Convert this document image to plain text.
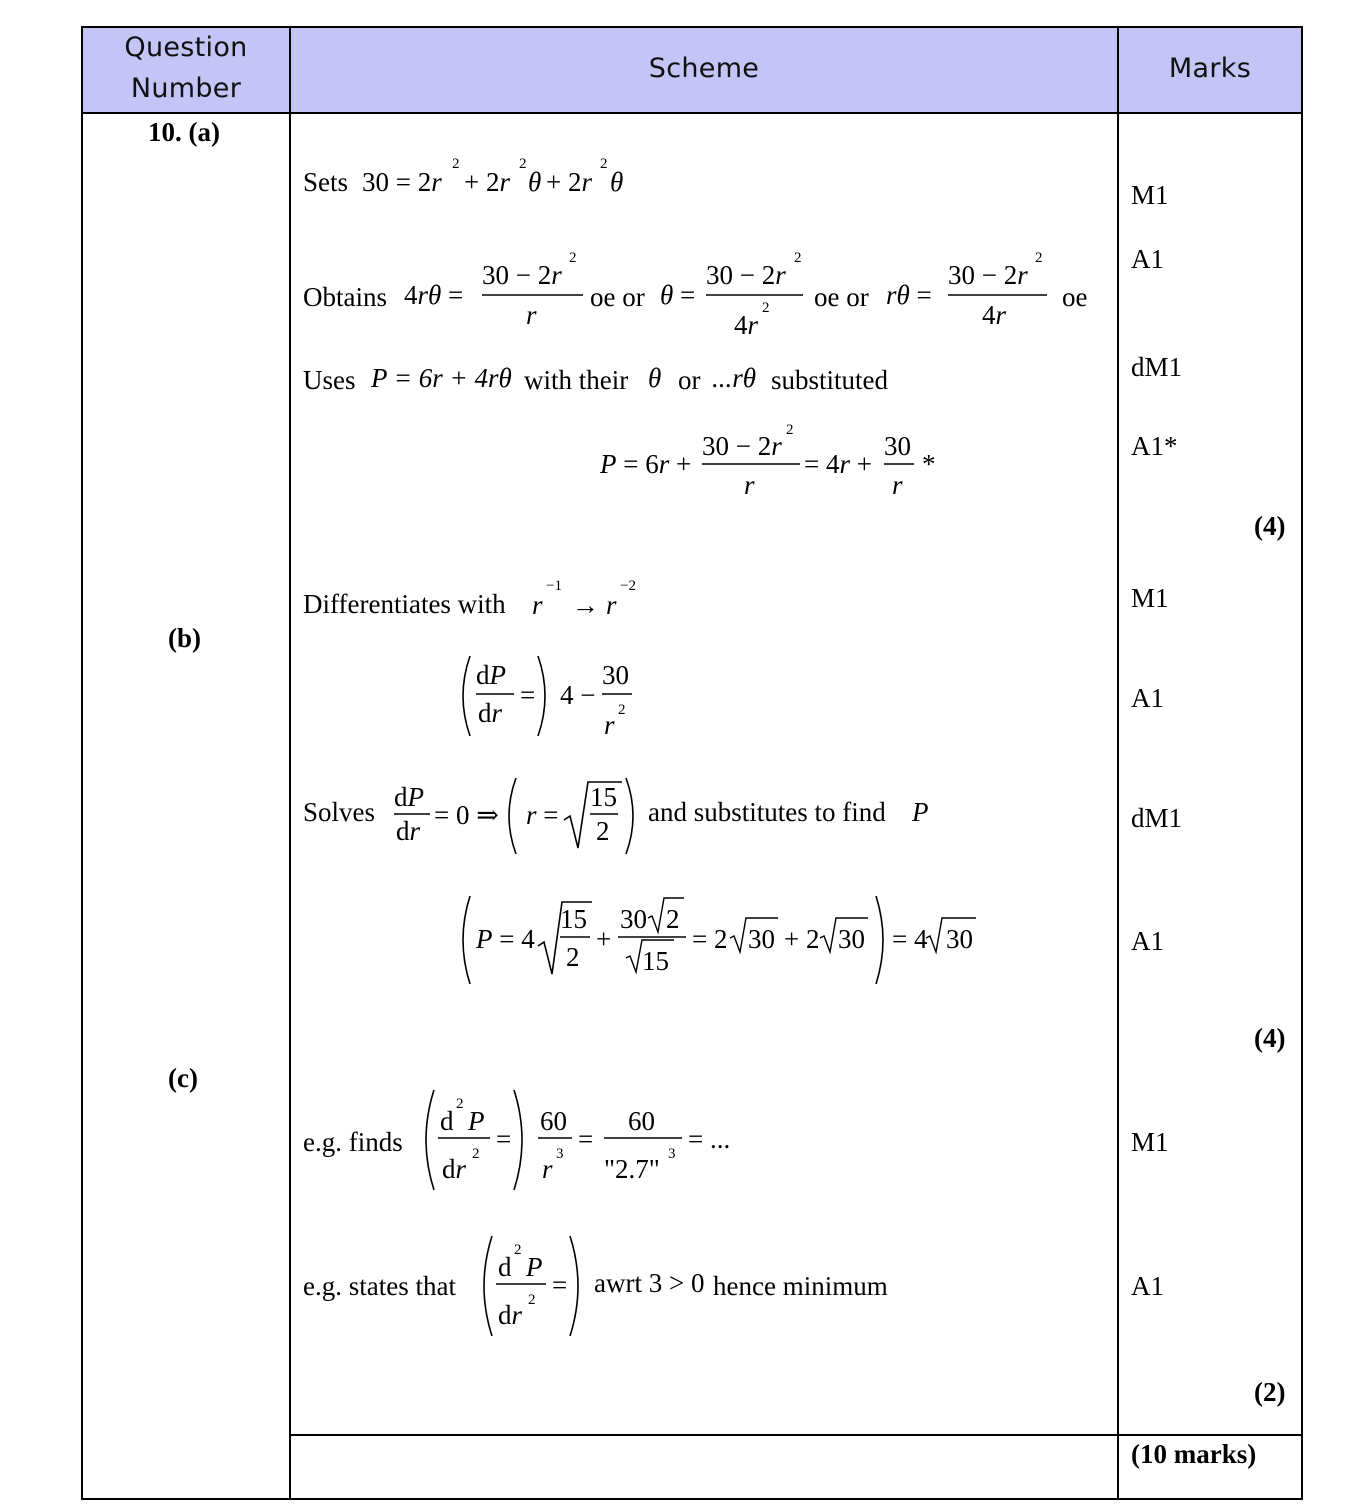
Question
Number
Scheme	Marks
10. (a)
(b)
(c)
Sets 30 = 2r
2
+ 2r
2
θ + 2r
2
θ
Obtains 4rθ =
30 − 2r
2
r
oe or θ =
30 − 2r
2
4r
2 oe or rθ =
30 − 2r
2
4r
oe
Uses P = 6r + 4rθ with their θ or ...rθ substituted
P = 6r +
30 − 2r
2
r
= 4r +
30
r
*
Differentiates with r
−1
→ r
−2
dP
dr
= 4 −
30
r 2
Solves dP
dr
= 0 ⇒ r =
15
2
and substitutes to find P
P = 4
15
2
+
30 2
15
= 2 30 + 2 30 = 4 30
e.g. finds
d
2
P
dr 2 =
60
r 3 =
60
"2.7" 3 = ...
e.g. states that
d
2
P
dr 2 = awrt 3 > 0 hence minimum
M1
A1
dM1
A1*
(4)
M1
A1
dM1
A1
(4)
M1
A1
(2)
(10 marks)
